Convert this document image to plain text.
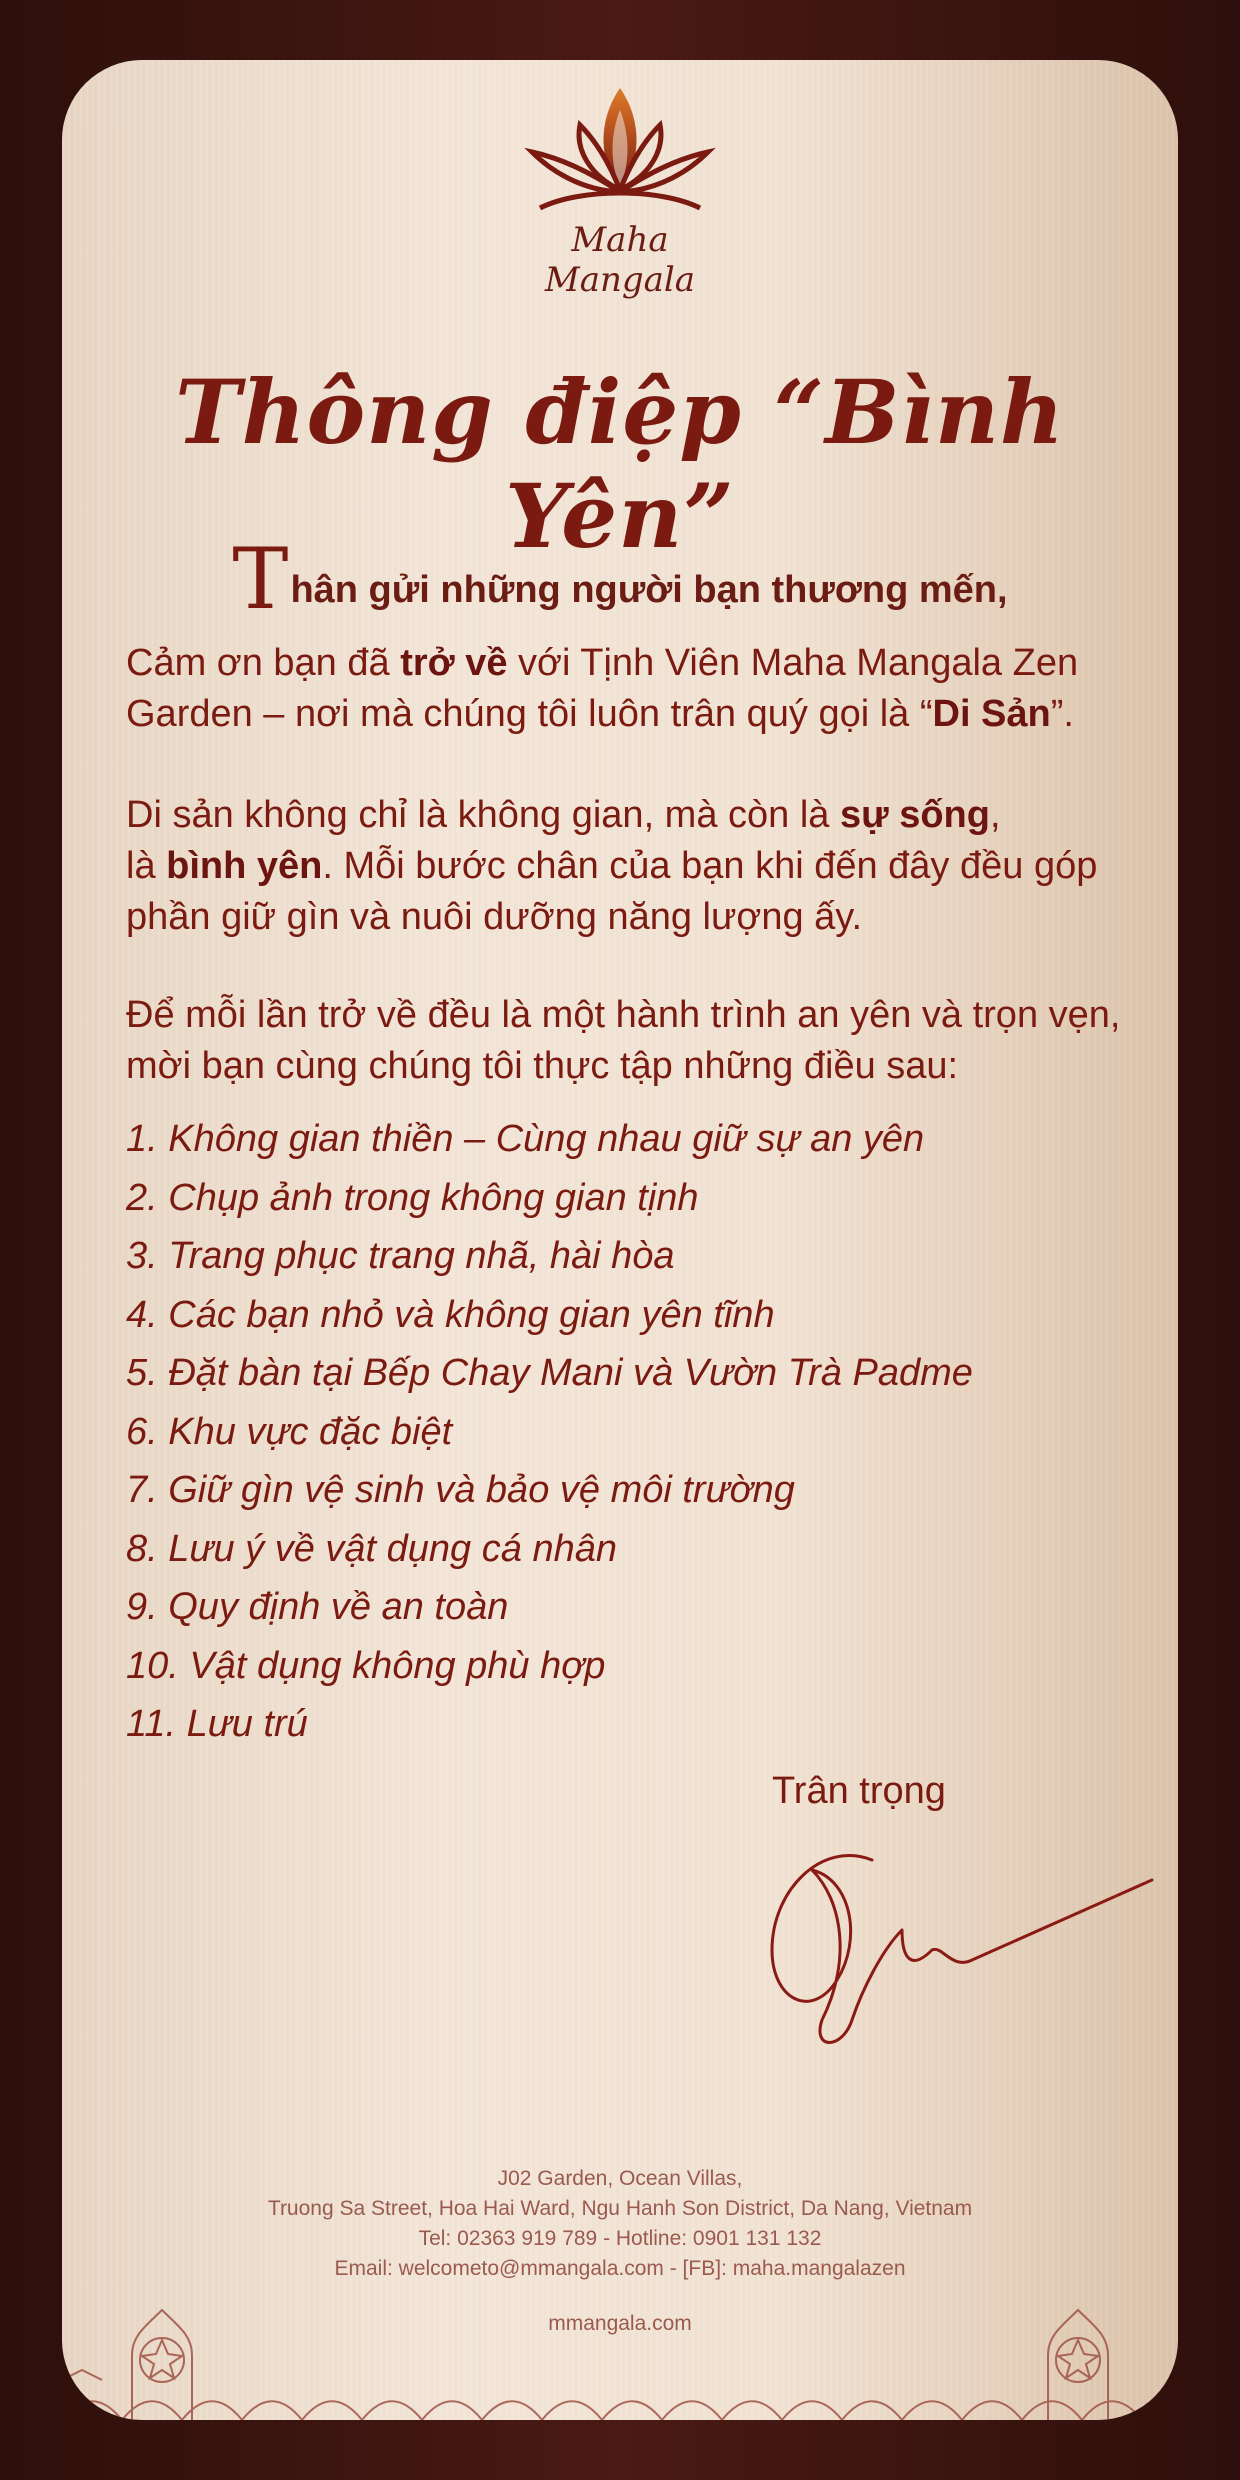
Maha
Mangala
Thông điệp “Bình Yên”
Thân gửi những người bạn thương mến,
Cảm ơn bạn đã trở về với Tịnh Viên Maha Mangala Zen Garden – nơi mà chúng tôi luôn trân quý gọi là “Di Sản”.
Di sản không chỉ là không gian, mà còn là sự sống,
là bình yên. Mỗi bước chân của bạn khi đến đây đều góp phần giữ gìn và nuôi dưỡng năng lượng ấy.
Để mỗi lần trở về đều là một hành trình an yên và trọn vẹn, mời bạn cùng chúng tôi thực tập những điều sau:
1. Không gian thiền – Cùng nhau giữ sự an yên
2. Chụp ảnh trong không gian tịnh
3. Trang phục trang nhã, hài hòa
4. Các bạn nhỏ và không gian yên tĩnh
5. Đặt bàn tại Bếp Chay Mani và Vườn Trà Padme
6. Khu vực đặc biệt
7. Giữ gìn vệ sinh và bảo vệ môi trường
8. Lưu ý về vật dụng cá nhân
9. Quy định về an toàn
10. Vật dụng không phù hợp
11. Lưu trú
Trân trọng
J02 Garden, Ocean Villas,
Truong Sa Street, Hoa Hai Ward, Ngu Hanh Son District, Da Nang, Vietnam
Tel: 02363 919 789 - Hotline: 0901 131 132
Email: welcometo@mmangala.com - [FB]: maha.mangalazen
mmangala.com
